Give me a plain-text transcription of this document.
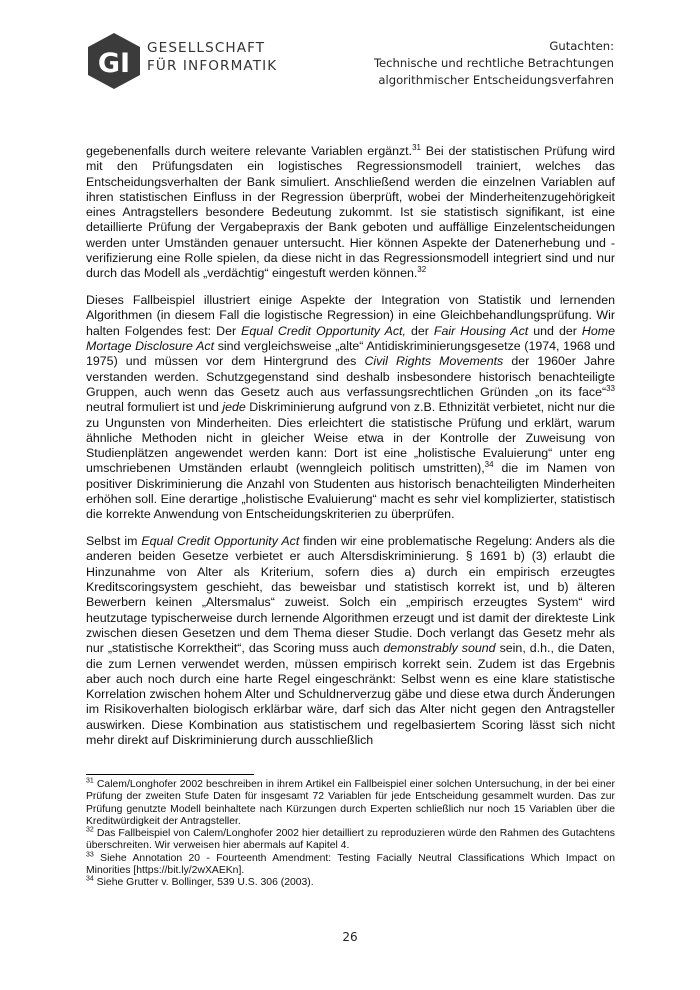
GI GESELLSCHAFT
FÜR INFORMATIK
Gutachten:
Technische und rechtliche Betrachtungen
algorithmischer Entscheidungsverfahren

gegebenenfalls durch weitere relevante Variablen ergänzt.$^{31}$ Bei der statistischen Prüfung wird mit den Prüfungsdaten ein logistisches Regressionsmodell trainiert, welches das Entscheidungsverhalten der Bank simuliert. Anschließend werden die einzelnen Variablen auf ihren statistischen Einfluss in der Regression überprüft, wobei der Minderheitenzugehörigkeit eines Antragstellers besondere Bedeutung zukommt. Ist sie statistisch signifikant, ist eine detaillierte Prüfung der Vergabepraxis der Bank geboten und auffällige Einzelentscheidungen werden unter Umständen genauer untersucht. Hier können Aspekte der Datenerhebung und -verifizierung eine Rolle spielen, da diese nicht in das Regressionsmodell integriert sind und nur durch das Modell als „verdächtig“ eingestuft werden können.$^{32}$

Dieses Fallbeispiel illustriert einige Aspekte der Integration von Statistik und lernenden Algorithmen (in diesem Fall die logistische Regression) in eine Gleichbehandlungsprüfung. Wir halten Folgendes fest: Der Equal Credit Opportunity Act, der Fair Housing Act und der Home Mortage Disclosure Act sind vergleichsweise „alte“ Antidiskriminierungsgesetze (1974, 1968 und 1975) und müssen vor dem Hintergrund des Civil Rights Movements der 1960er Jahre verstanden werden. Schutzgegenstand sind deshalb insbesondere historisch benachteiligte Gruppen, auch wenn das Gesetz auch aus verfassungsrechtlichen Gründen „on its face“$^{33}$ neutral formuliert ist und jede Diskriminierung aufgrund von z.B. Ethnizität verbietet, nicht nur die zu Ungunsten von Minderheiten. Dies erleichtert die statistische Prüfung und erklärt, warum ähnliche Methoden nicht in gleicher Weise etwa in der Kontrolle der Zuweisung von Studienplätzen angewendet werden kann: Dort ist eine „holistische Evaluierung“ unter eng umschriebenen Umständen erlaubt (wenngleich politisch umstritten),$^{34}$ die im Namen von positiver Diskriminierung die Anzahl von Studenten aus historisch benachteiligten Minderheiten erhöhen soll. Eine derartige „holistische Evaluierung“ macht es sehr viel komplizierter, statistisch die korrekte Anwendung von Entscheidungskriterien zu überprüfen.

Selbst im Equal Credit Opportunity Act finden wir eine problematische Regelung: Anders als die anderen beiden Gesetze verbietet er auch Altersdiskriminierung. § 1691 b) (3) erlaubt die Hinzunahme von Alter als Kriterium, sofern dies a) durch ein empirisch erzeugtes Kreditscoringsystem geschieht, das beweisbar und statistisch korrekt ist, und b) älteren Bewerbern keinen „Altersmalus“ zuweist. Solch ein „empirisch erzeugtes System“ wird heutzutage typischerweise durch lernende Algorithmen erzeugt und ist damit der direkteste Link zwischen diesen Gesetzen und dem Thema dieser Studie. Doch verlangt das Gesetz mehr als nur „statistische Korrektheit“, das Scoring muss auch demonstrably sound sein, d.h., die Daten, die zum Lernen verwendet werden, müssen empirisch korrekt sein. Zudem ist das Ergebnis aber auch noch durch eine harte Regel eingeschränkt: Selbst wenn es eine klare statistische Korrelation zwischen hohem Alter und Schuldnerverzug gäbe und diese etwa durch Änderungen im Risikoverhalten biologisch erklärbar wäre, darf sich das Alter nicht gegen den Antragsteller auswirken. Diese Kombination aus statistischem und regelbasiertem Scoring lässt sich nicht mehr direkt auf Diskriminierung durch ausschließlich

$^{31}$ Calem/Longhofer 2002 beschreiben in ihrem Artikel ein Fallbeispiel einer solchen Untersuchung, in der bei einer Prüfung der zweiten Stufe Daten für insgesamt 72 Variablen für jede Entscheidung gesammelt wurden. Das zur Prüfung genutzte Modell beinhaltete nach Kürzungen durch Experten schließlich nur noch 15 Variablen über die Kreditwürdigkeit der Antragsteller.

$^{32}$ Das Fallbeispiel von Calem/Longhofer 2002 hier detailliert zu reproduzieren würde den Rahmen des Gutachtens überschreiten. Wir verweisen hier abermals auf Kapitel 4.

$^{33}$ Siehe Annotation 20 - Fourteenth Amendment: Testing Facially Neutral Classifications Which Impact on Minorities [https://bit.ly/2wXAEKn].

$^{34}$ Siehe Grutter v. Bollinger, 539 U.S. 306 (2003).

26
